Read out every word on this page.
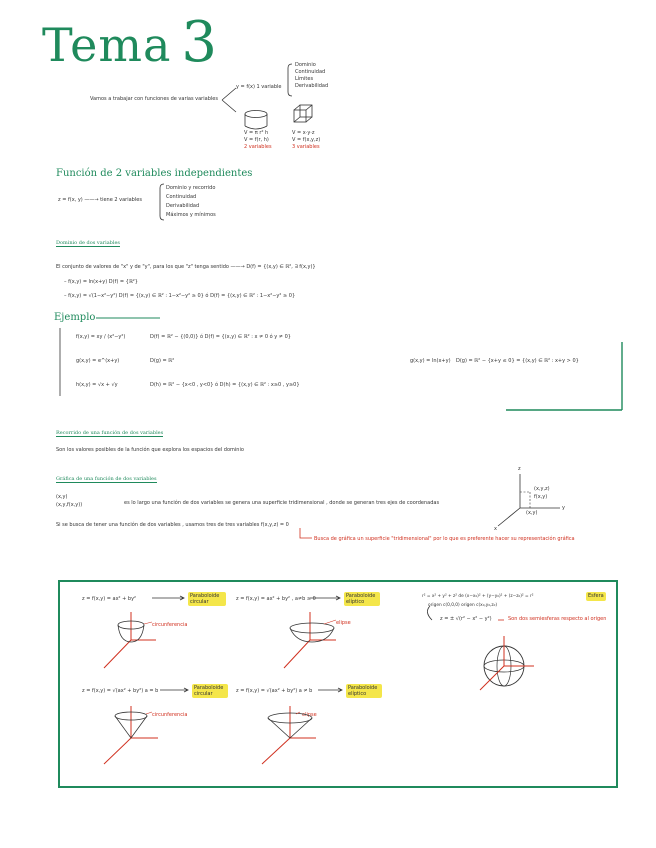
Tema 3
Vamos a trabajar con funciones de varias variables
y = f(x) 1 variable
Dominio
Continuidad
Límites
Derivabilidad
V = π r² h
V = f(r, h)
2 variables
V = x·y·z
V = f(x,y,z)
3 variables
Función de 2 variables independientes
z = f(x, y) ——→ tiene 2 variables
Dominio y recorrido
Continuidad
Derivabilidad
Máximos y mínimos
Dominio de dos variables
El conjunto de valores de "x" y de "y", para los que "z" tenga sentido ——→ D(f) = {(x,y) ∈ ℝ², ∃ f(x,y)}
– f(x,y) = ln(x+y) D(f) = {ℝ²}
– f(x,y) = √(1−x²−y²) D(f) = {(x,y) ∈ ℝ² : 1−x²−y² ≥ 0} ó D(f) = {(x,y) ∈ ℝ² : 1−x²−y² ≥ 0}
Ejemplo
f(x,y) = xy / (x²−y²)	D(f) = ℝ² − {(0,0)} ó D(f) = {(x,y) ∈ ℝ² : x ≠ 0 ó y ≠ 0}
g(x,y) = e^(x+y)	D(g) = ℝ²	g(x,y) = ln(x+y) D(g) = ℝ² − {x+y ≤ 0} = {(x,y) ∈ ℝ² : x+y > 0}
h(x,y) = √x + √y	D(h) = ℝ² − {x<0 , y<0} ó D(h) = {(x,y) ∈ ℝ² : x≥0 , y≥0}
Recorrido de una función de dos variables
Son los valores posibles de la función que explora los espacios del dominio
Gráfica de una función de dos variables
(x,y)
(x,y,f(x,y))	es lo largo una función de dos variables se genera una superficie tridimensional , donde se generan tres ejes de coordenadas
Si se busca de tener una función de dos variables , usamos tres de tres variables f(x,y,z) = 0
Busca de gráfica un superficie "tridimensional" por lo que es preferente hacer su representación gráfica
z
(x,y,z)
f(x,y)
(x,y)
y
x
z = f(x,y) = ax² + by²	Paraboloide circular
circunferencia
z = f(x,y) = ax² + by² , a≠b ≥ 0	Paraboloide elíptico
elipse
z = f(x,y) = √(ax² + by²) a = b	Paraboloide circular
circunferencia
z = f(x,y) = √(ax² + by²) a ≠ b	Paraboloide elíptico
elipse
r² = x² + y² + z² de (x−x₀)² + (y−y₀)² + (z−z₀)² = r²
origen c(0,0,0) origen c(x₀,y₀,z₀)
Esfera
z = ± √(r² − x² − y²)	Son dos semiesferas respecto al origen
